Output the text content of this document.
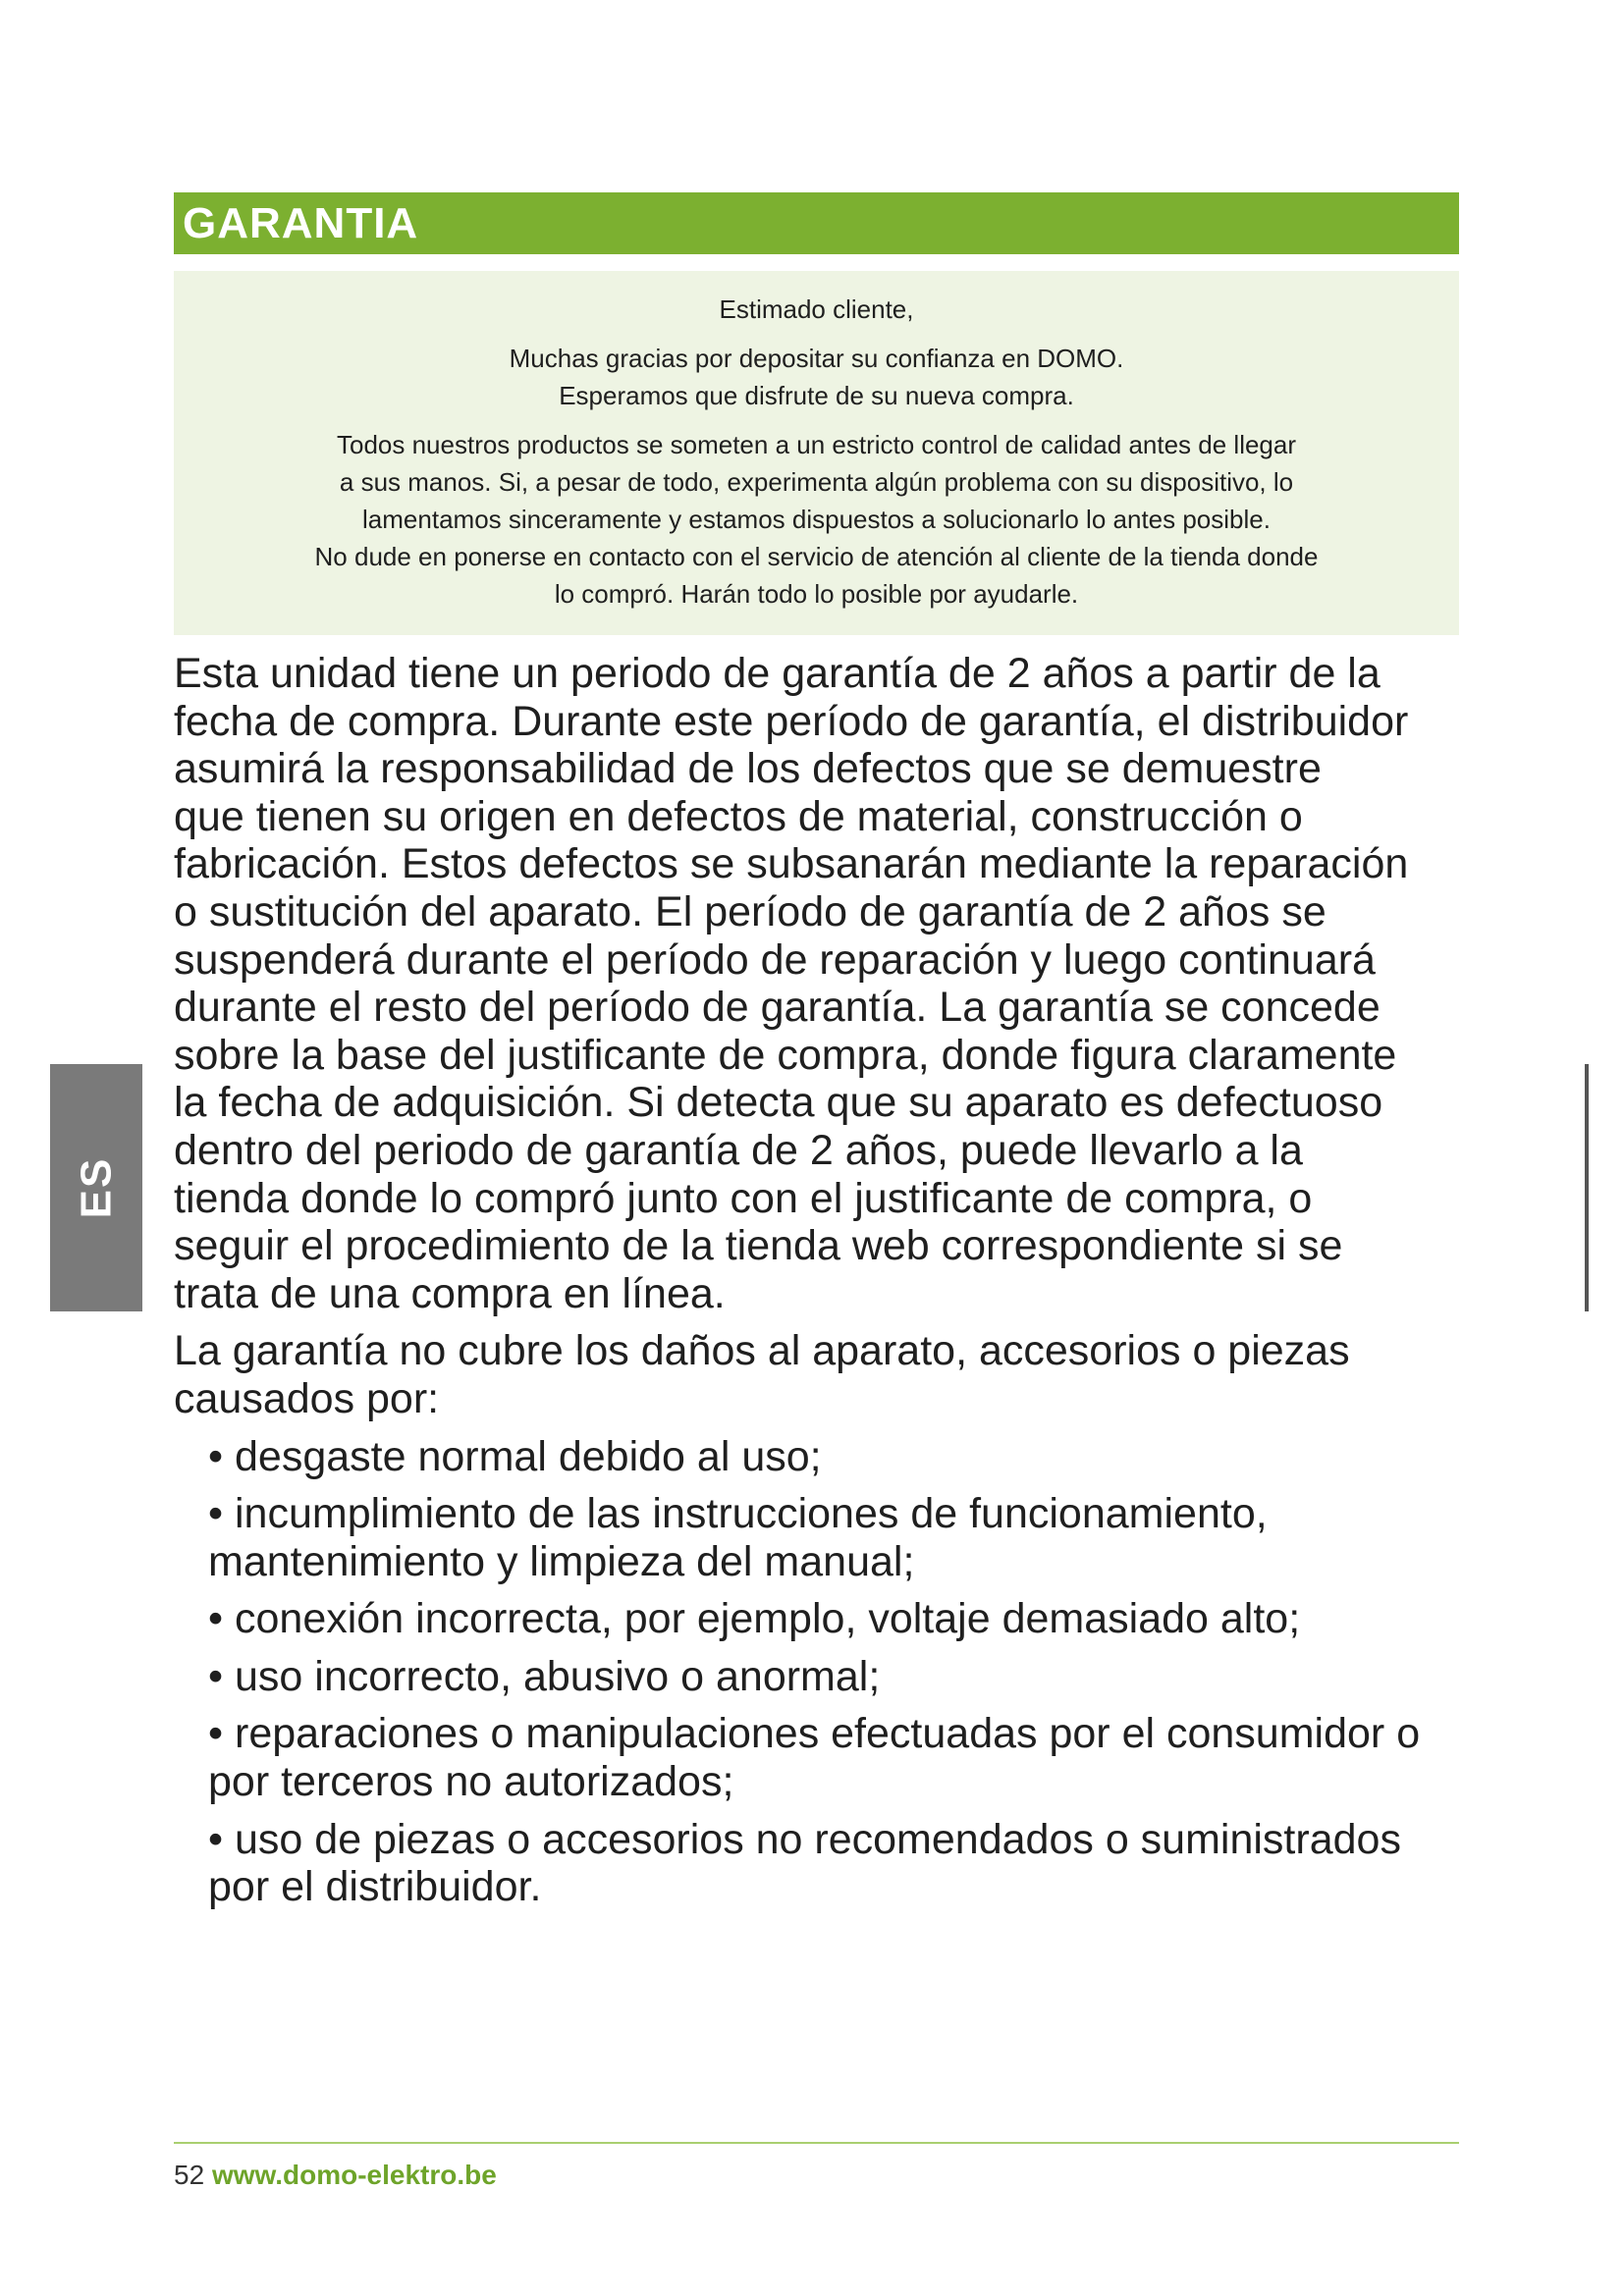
GARANTIA

Estimado cliente,

Muchas gracias por depositar su confianza en DOMO.

Esperamos que disfrute de su nueva compra.

Todos nuestros productos se someten a un estricto control de calidad antes de llegar

a sus manos. Si, a pesar de todo, experimenta algún problema con su dispositivo, lo

lamentamos sinceramente y estamos dispuestos a solucionarlo lo antes posible.

No dude en ponerse en contacto con el servicio de atención al cliente de la tienda donde

lo compró. Harán todo lo posible por ayudarle.

Esta unidad tiene un periodo de garantía de 2 años a partir de la

fecha de compra. Durante este período de garantía, el distribuidor

asumirá la responsabilidad de los defectos que se demuestre

que tienen su origen en defectos de material, construcción o

fabricación. Estos defectos se subsanarán mediante la reparación

o sustitución del aparato. El período de garantía de 2 años se

suspenderá durante el período de reparación y luego continuará

durante el resto del período de garantía. La garantía se concede

sobre la base del justificante de compra, donde figura claramente

la fecha de adquisición. Si detecta que su aparato es defectuoso

dentro del periodo de garantía de 2 años, puede llevarlo a la

tienda donde lo compró junto con el justificante de compra, o

seguir el procedimiento de la tienda web correspondiente si se

trata de una compra en línea.

La garantía no cubre los daños al aparato, accesorios o piezas

causados por:

• desgaste normal debido al uso;
• incumplimiento de las instrucciones de funcionamiento,
mantenimiento y limpieza del manual;
• conexión incorrecta, por ejemplo, voltaje demasiado alto;
• uso incorrecto, abusivo o anormal;
• reparaciones o manipulaciones efectuadas por el consumidor o
por terceros no autorizados;
• uso de piezas o accesorios no recomendados o suministrados
por el distribuidor.
ES
52 www.domo-elektro.be
